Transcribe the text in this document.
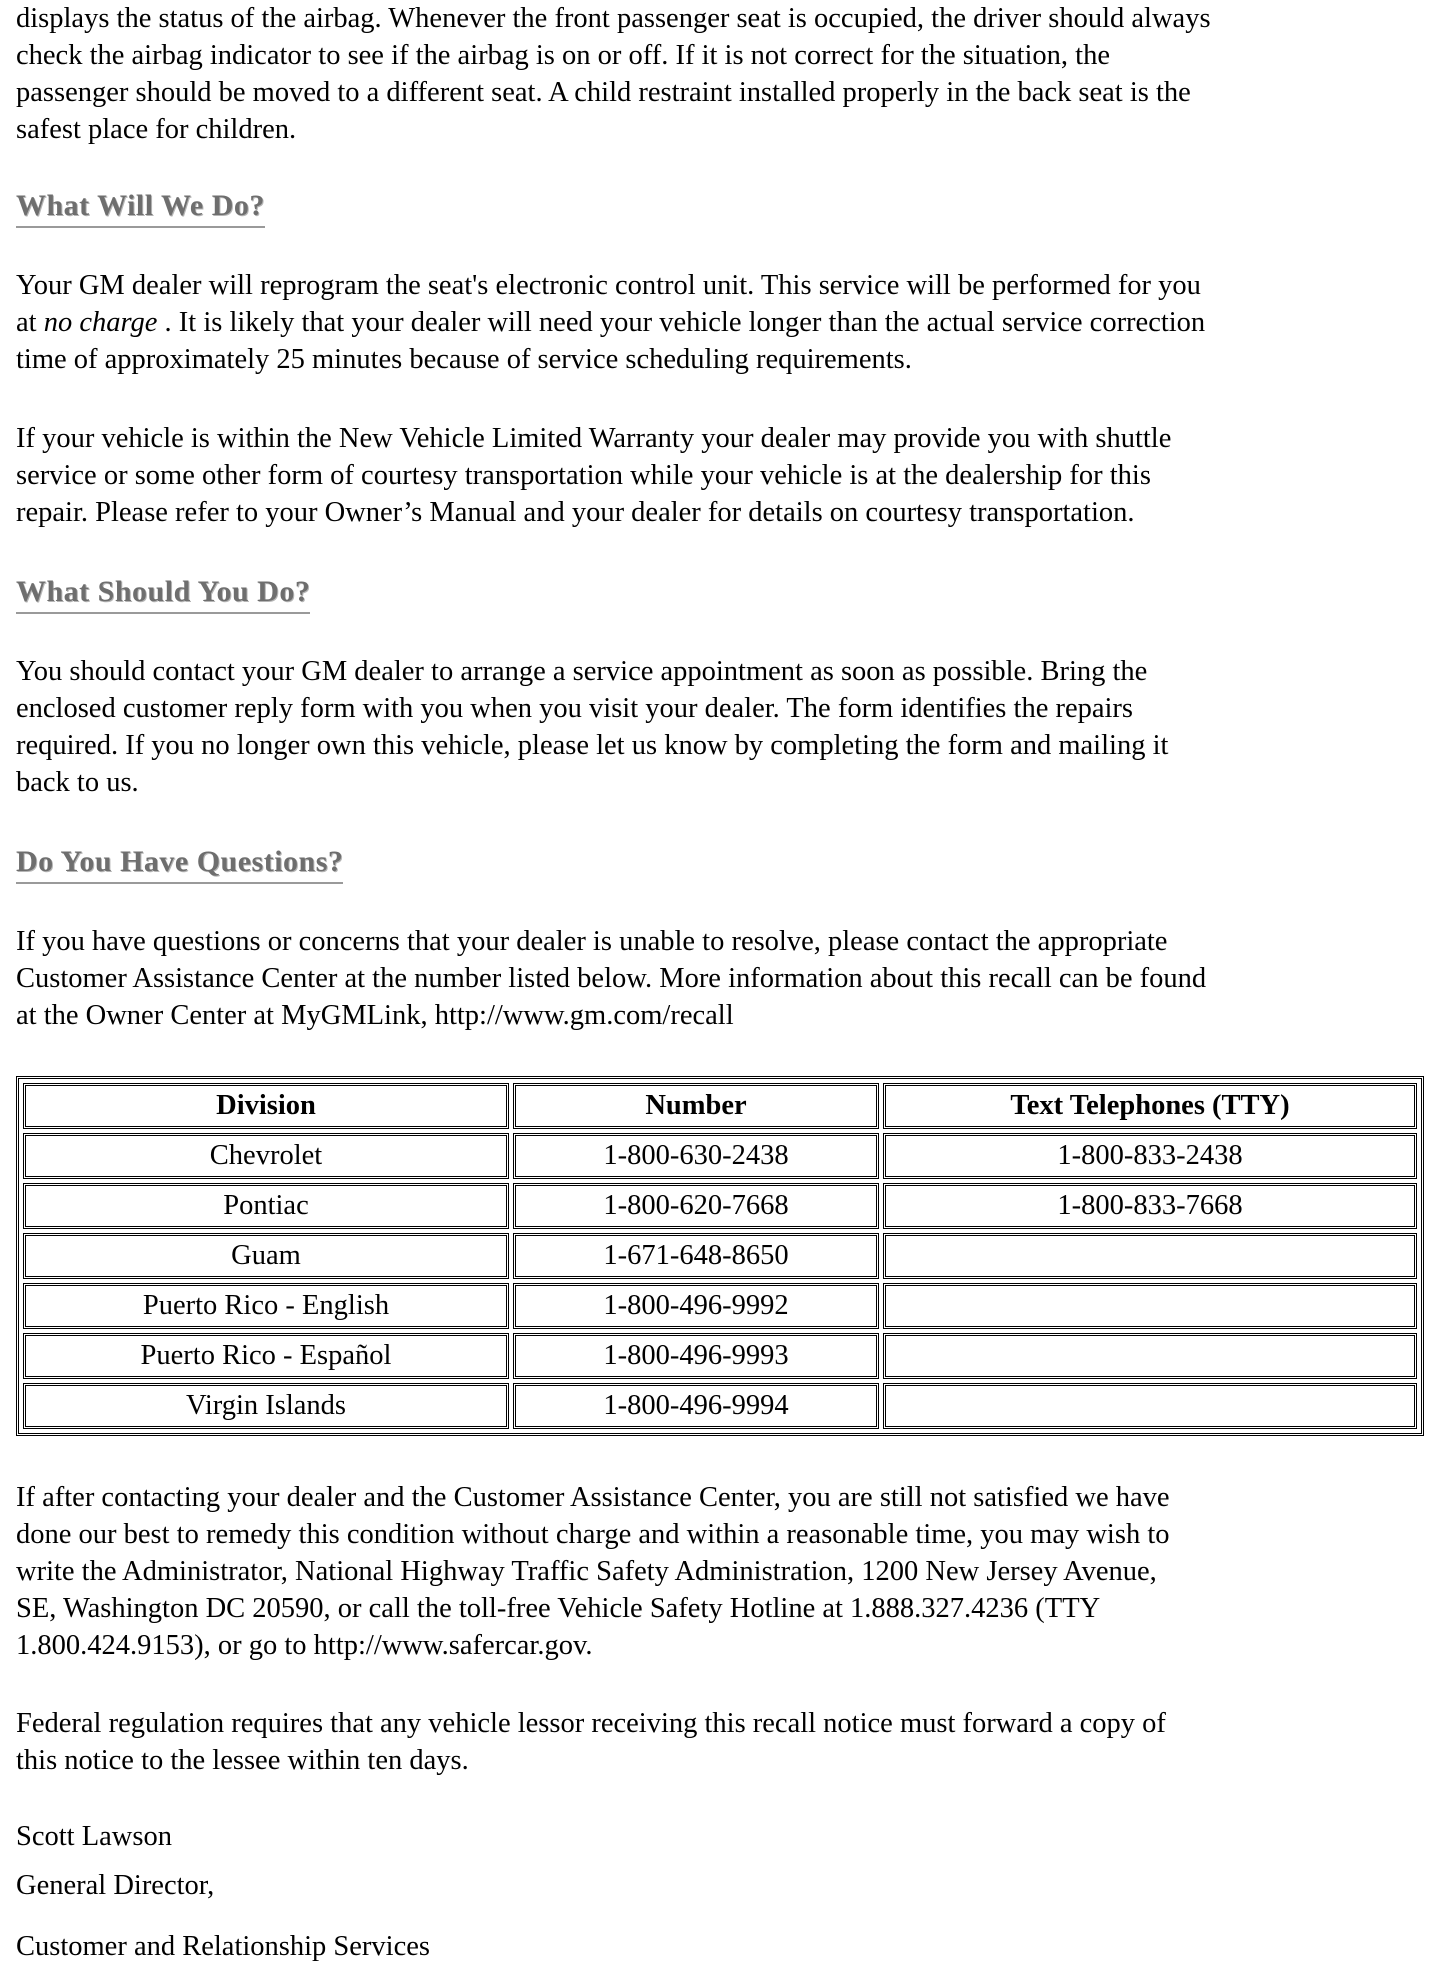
displays the status of the airbag. Whenever the front passenger seat is occupied, the driver should always

check the airbag indicator to see if the airbag is on or off. If it is not correct for the situation, the

passenger should be moved to a different seat. A child restraint installed properly in the back seat is the

safest place for children.

What Will We Do?

Your GM dealer will reprogram the seat's electronic control unit. This service will be performed for you

at no charge . It is likely that your dealer will need your vehicle longer than the actual service correction

time of approximately 25 minutes because of service scheduling requirements.

If your vehicle is within the New Vehicle Limited Warranty your dealer may provide you with shuttle

service or some other form of courtesy transportation while your vehicle is at the dealership for this

repair. Please refer to your Owner’s Manual and your dealer for details on courtesy transportation.

What Should You Do?

You should contact your GM dealer to arrange a service appointment as soon as possible. Bring the

enclosed customer reply form with you when you visit your dealer. The form identifies the repairs

required. If you no longer own this vehicle, please let us know by completing the form and mailing it

back to us.

Do You Have Questions?

If you have questions or concerns that your dealer is unable to resolve, please contact the appropriate

Customer Assistance Center at the number listed below. More information about this recall can be found

at the Owner Center at MyGMLink, http://www.gm.com/recall

Division	Number	Text Telephones (TTY)
Chevrolet	1-800-630-2438	1-800-833-2438
Pontiac	1-800-620-7668	1-800-833-7668
Guam	1-671-648-8650	
Puerto Rico - English	1-800-496-9992	
Puerto Rico - Español	1-800-496-9993	
Virgin Islands	1-800-496-9994	

If after contacting your dealer and the Customer Assistance Center, you are still not satisfied we have

done our best to remedy this condition without charge and within a reasonable time, you may wish to

write the Administrator, National Highway Traffic Safety Administration, 1200 New Jersey Avenue,

SE, Washington DC 20590, or call the toll-free Vehicle Safety Hotline at 1.888.327.4236 (TTY

1.800.424.9153), or go to http://www.safercar.gov.

Federal regulation requires that any vehicle lessor receiving this recall notice must forward a copy of

this notice to the lessee within ten days.

Scott Lawson

General Director,

Customer and Relationship Services
